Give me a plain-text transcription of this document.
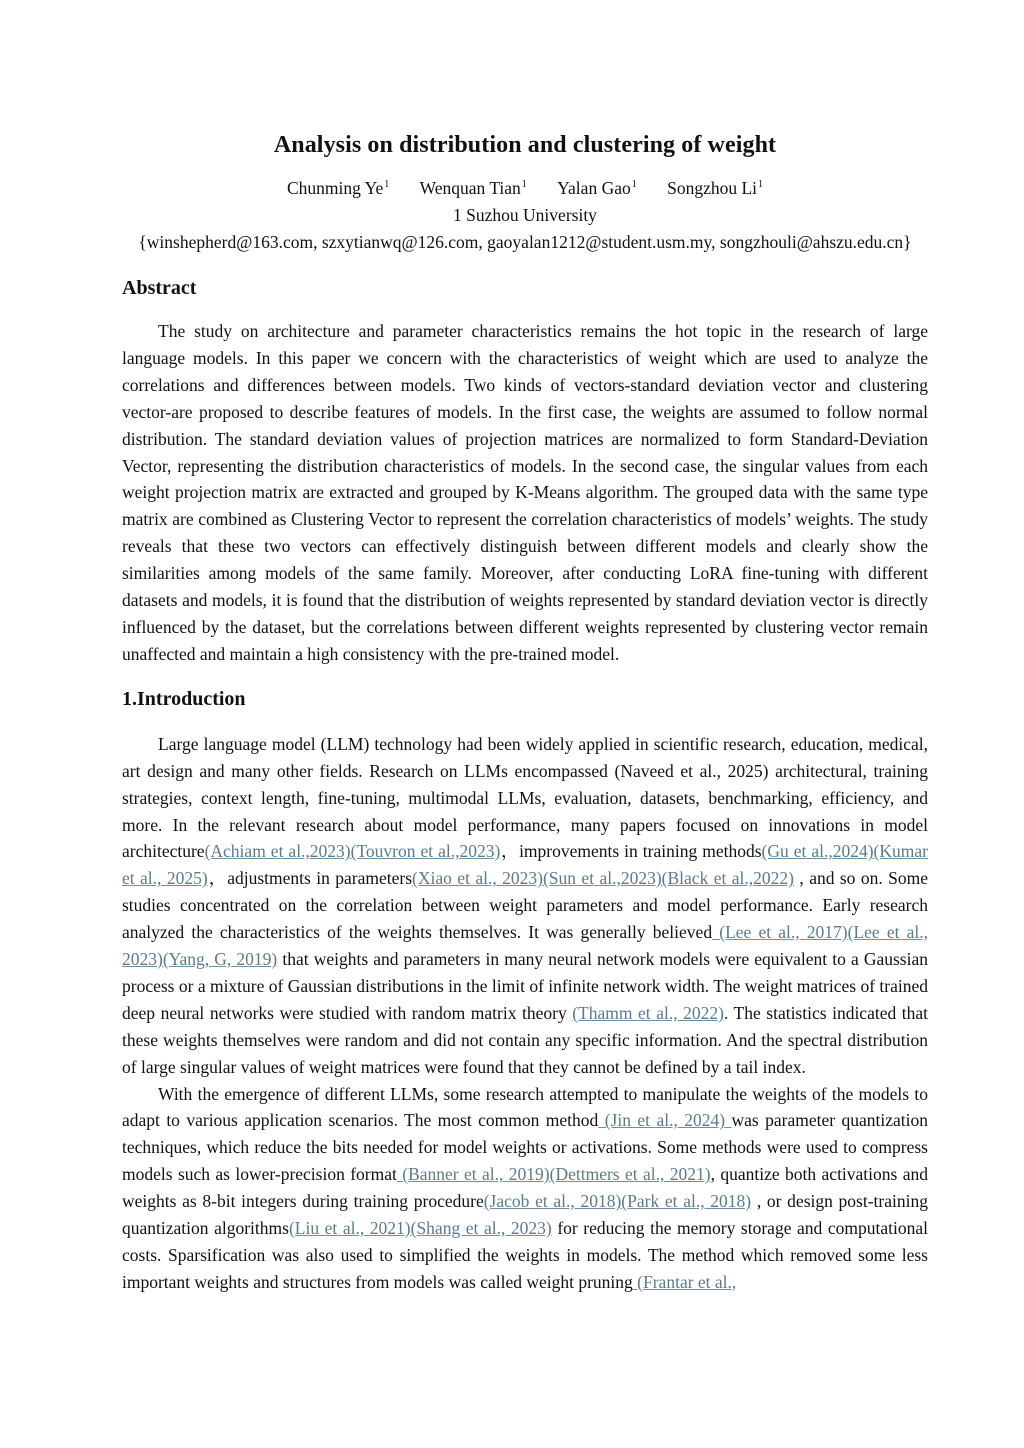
Analysis on distribution and clustering of weight
Chunming Ye$^1$ Wenquan Tian$^1$ Yalan Gao$^1$ Songzhou Li$^1$
1 Suzhou University
{winshepherd@163.com, szxytianwq@126.com, gaoyalan1212@student.usm.my, songzhouli@ahszu.edu.cn}
Abstract

The study on architecture and parameter characteristics remains the hot topic in the research of large language models. In this paper we concern with the characteristics of weight which are used to analyze the correlations and differences between models. Two kinds of vectors-standard deviation vector and clustering vector-are proposed to describe features of models. In the first case, the weights are assumed to follow normal distribution. The standard deviation values of projection matrices are normalized to form Standard-Deviation Vector, representing the distribution characteristics of models. In the second case, the singular values from each weight projection matrix are extracted and grouped by K-Means algorithm. The grouped data with the same type matrix are combined as Clustering Vector to represent the correlation characteristics of models’ weights. The study reveals that these two vectors can effectively distinguish between different models and clearly show the similarities among models of the same family. Moreover, after conducting LoRA fine-tuning with different datasets and models, it is found that the distribution of weights represented by standard deviation vector is directly influenced by the dataset, but the correlations between different weights represented by clustering vector remain unaffected and maintain a high consistency with the pre-trained model.

1.Introduction

Large language model (LLM) technology had been widely applied in scientific research, education, medical, art design and many other fields. Research on LLMs encompassed (Naveed et al., 2025) architectural, training strategies, context length, fine-tuning, multimodal LLMs, evaluation, datasets, benchmarking, efficiency, and more. In the relevant research about model performance, many papers focused on innovations in model architecture(Achiam et al.,2023)(Touvron et al.,2023)，improvements in training methods(Gu et al.,2024)(Kumar et al., 2025)，adjustments in parameters(Xiao et al., 2023)(Sun et al.,2023)(Black et al.,2022) , and so on. Some studies concentrated on the correlation between weight parameters and model performance. Early research analyzed the characteristics of the weights themselves. It was generally believed (Lee et al., 2017)(Lee et al., 2023)(Yang, G, 2019) that weights and parameters in many neural network models were equivalent to a Gaussian process or a mixture of Gaussian distributions in the limit of infinite network width. The weight matrices of trained deep neural networks were studied with random matrix theory (Thamm et al., 2022). The statistics indicated that these weights themselves were random and did not contain any specific information. And the spectral distribution of large singular values of weight matrices were found that they cannot be defined by a tail index.

With the emergence of different LLMs, some research attempted to manipulate the weights of the models to adapt to various application scenarios. The most common method (Jin et al., 2024) was parameter quantization techniques, which reduce the bits needed for model weights or activations. Some methods were used to compress models such as lower-precision format (Banner et al., 2019)(Dettmers et al., 2021), quantize both activations and weights as 8-bit integers during training procedure(Jacob et al., 2018)(Park et al., 2018) , or design post-training quantization algorithms(Liu et al., 2021)(Shang et al., 2023) for reducing the memory storage and computational costs. Sparsification was also used to simplified the weights in models. The method which removed some less important weights and structures from models was called weight pruning (Frantar et al.,
